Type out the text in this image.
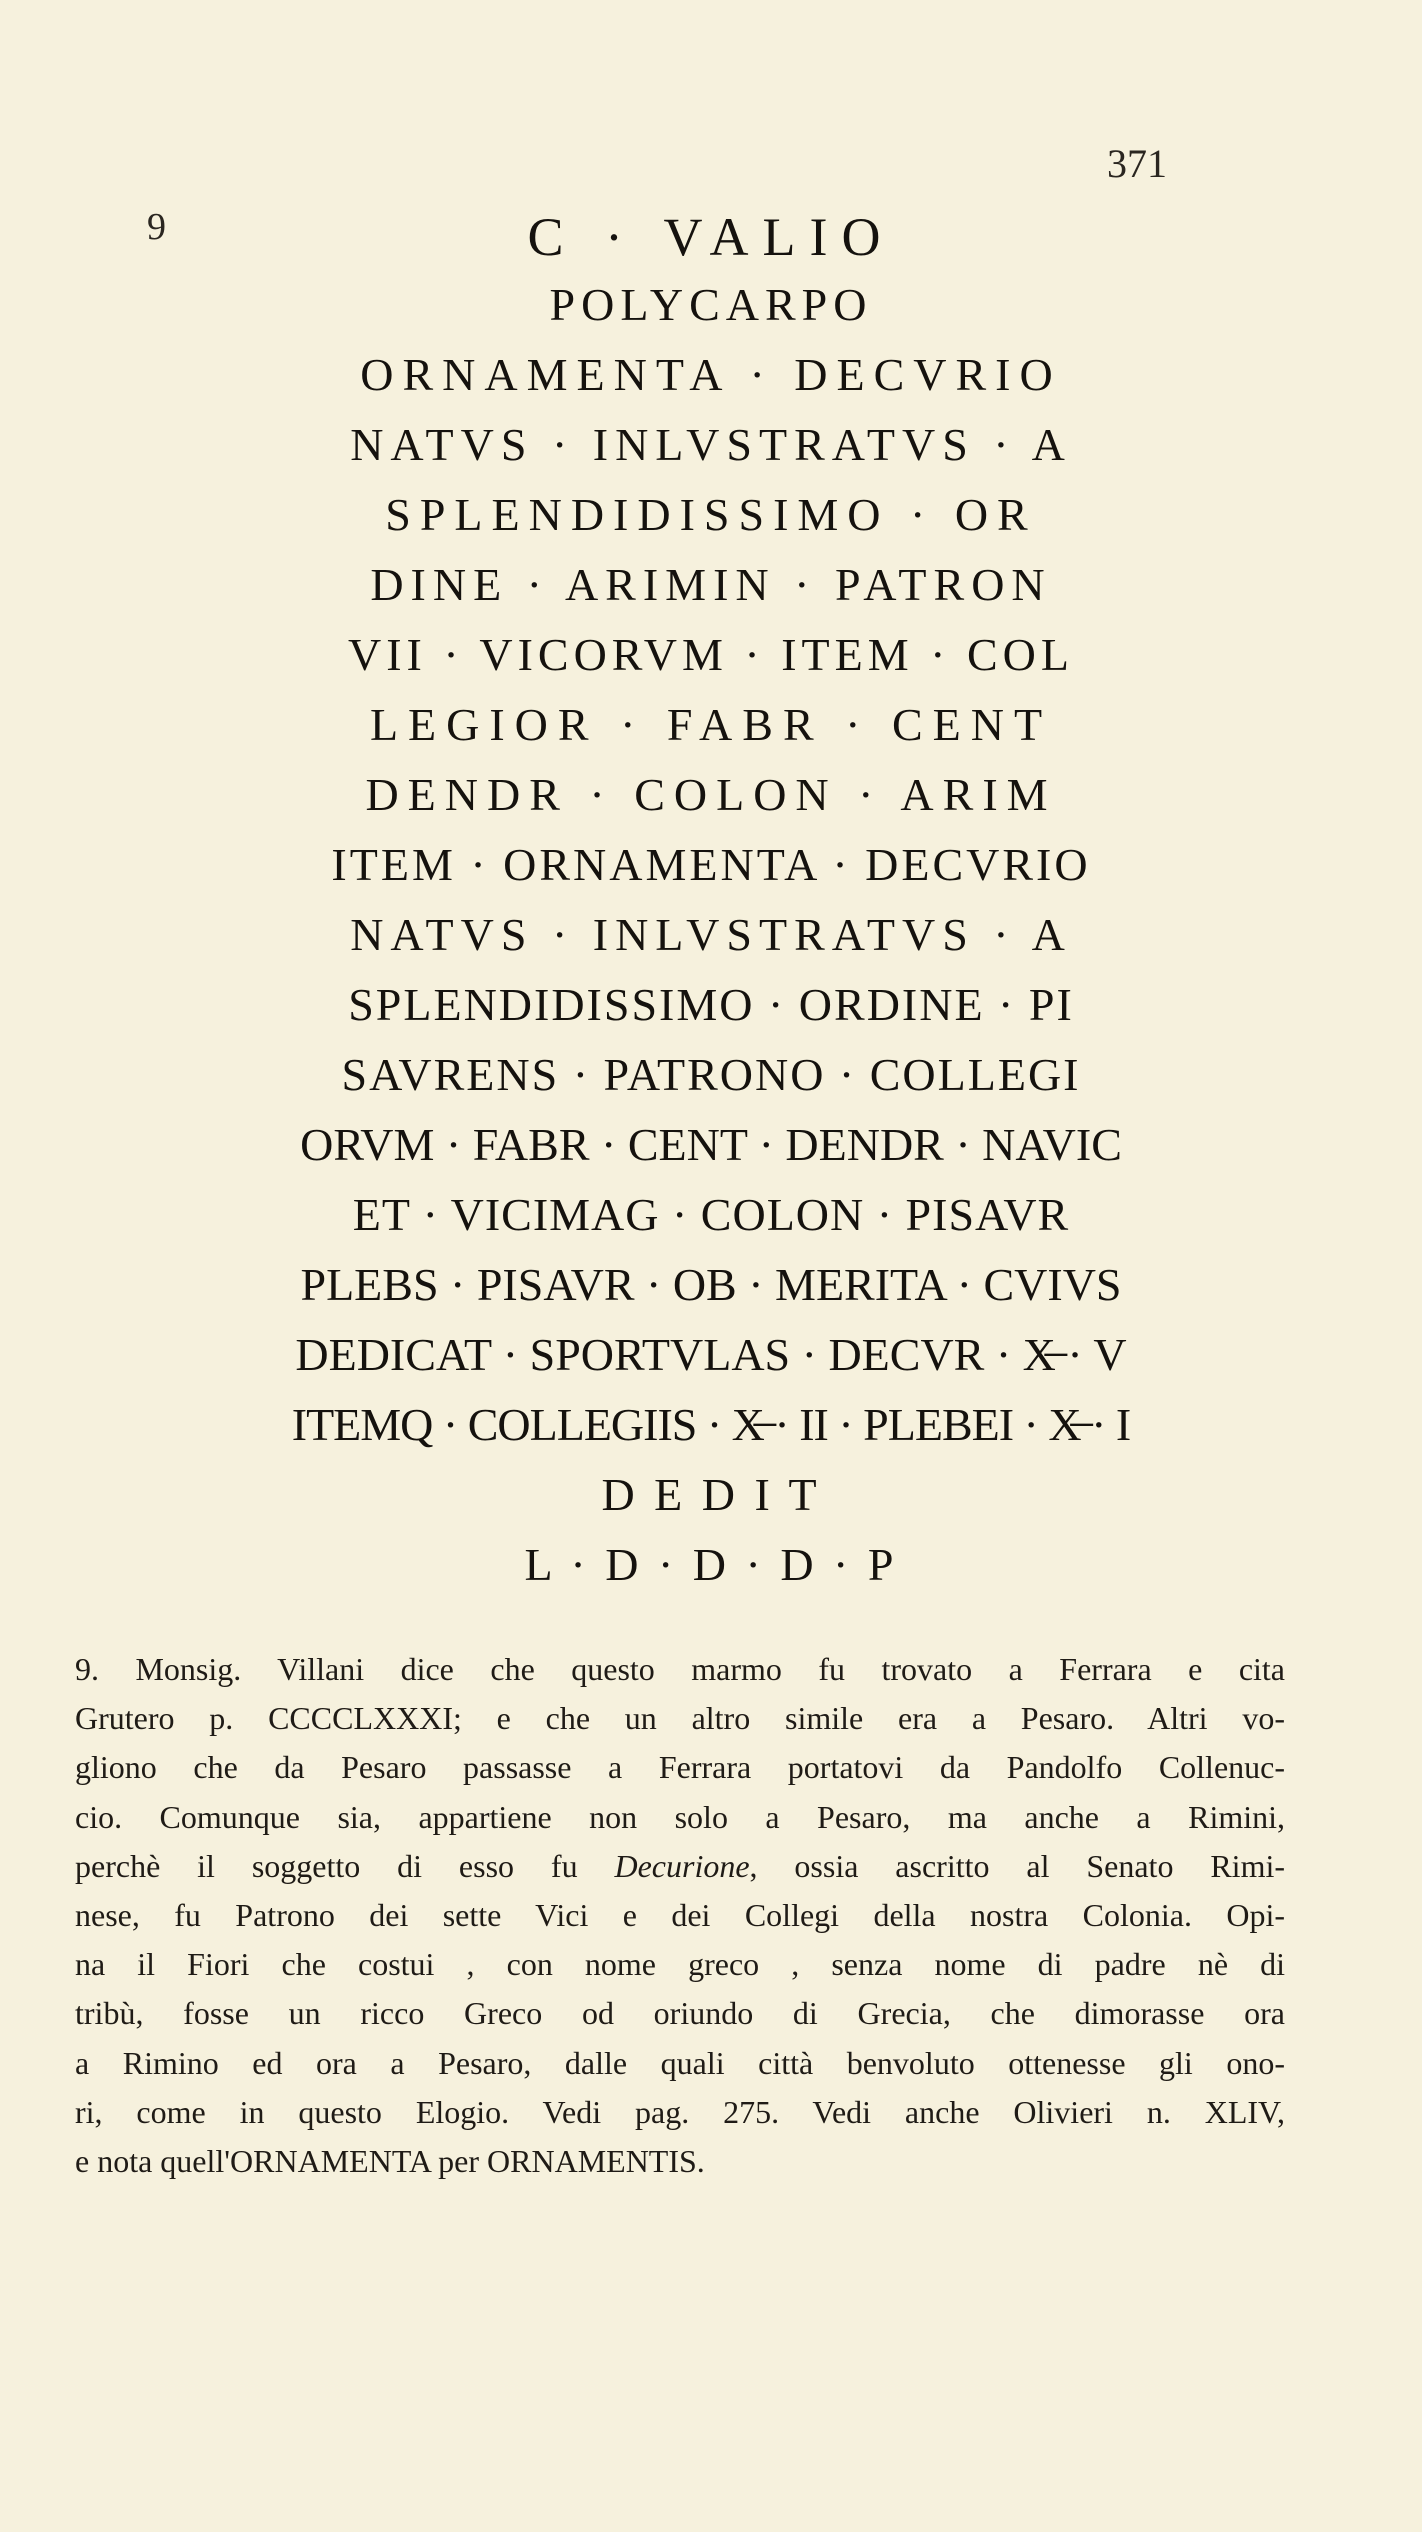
371
9	C · VALIO
POLYCARPO
ORNAMENTA · DECVRIO
NATVS · INLVSTRATVS · A
SPLENDIDISSIMO · OR
DINE · ARIMIN · PATRON
VII · VICORVM · ITEM · COL
LEGIOR · FABR · CENT
DENDR · COLON · ARIM
ITEM · ORNAMENTA · DECVRIO
NATVS · INLVSTRATVS · A
SPLENDIDISSIMO · ORDINE · PI
SAVRENS · PATRONO · COLLEGI
ORVM · FABR · CENT · DENDR · NAVIC
ET · VICIMAG · COLON · PISAVR
PLEBS · PISAVR · OB · MERITA · CVIVS
DEDICAT · SPORTVLAS · DECVR · X̶ · V
ITEMQ · COLLEGIIS · X̶ · II · PLEBEI · X̶ · I
D E D I T
L · D · D · D · P
9. Monsig. Villani dice che questo marmo fu trovato a Ferrara e cita
Grutero p. CCCCLXXXI; e che un altro simile era a Pesaro. Altri vo-
gliono che da Pesaro passasse a Ferrara portatovi da Pandolfo Collenuc-
cio. Comunque sia, appartiene non solo a Pesaro, ma anche a Rimini,
perchè il soggetto di esso fu Decurione, ossia ascritto al Senato Rimi-
nese, fu Patrono dei sette Vici e dei Collegi della nostra Colonia. Opi-
na il Fiori che costui , con nome greco , senza nome di padre nè di
tribù, fosse un ricco Greco od oriundo di Grecia, che dimorasse ora
a Rimino ed ora a Pesaro, dalle quali città benvoluto ottenesse gli ono-
ri, come in questo Elogio. Vedi pag. 275. Vedi anche Olivieri n. XLIV,
e nota quell'ORNAMENTA per ORNAMENTIS.
